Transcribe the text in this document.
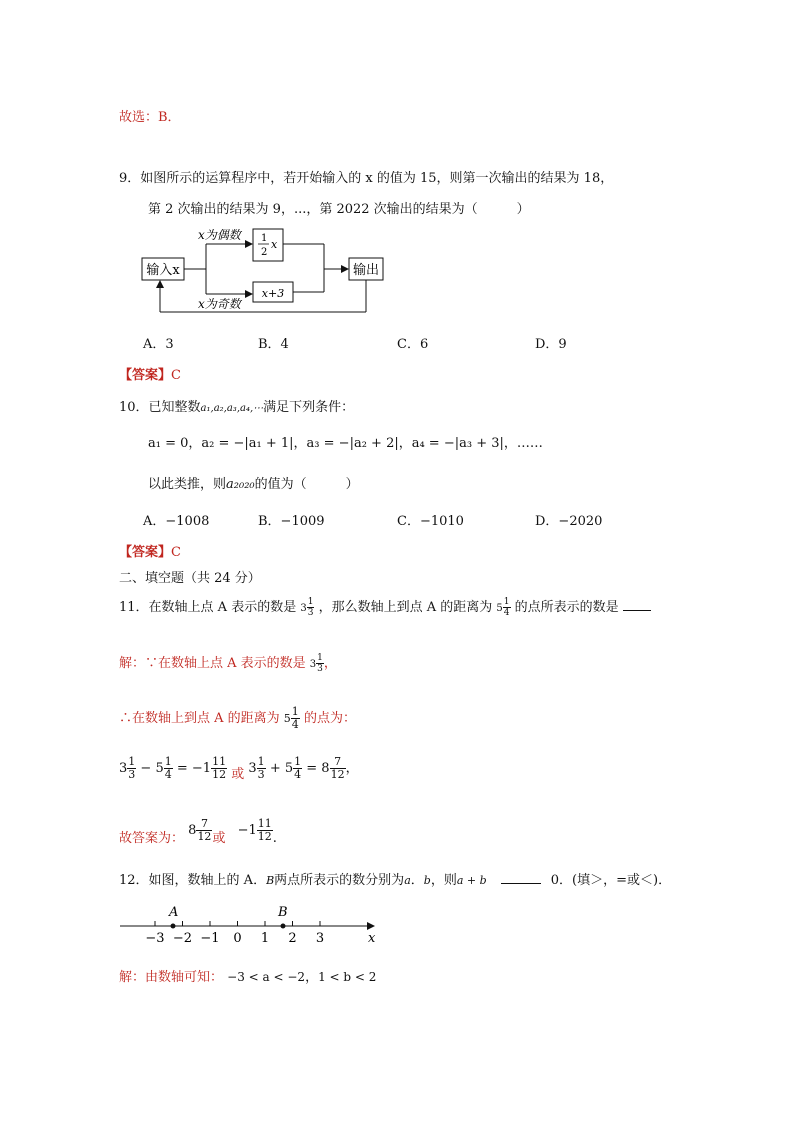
故选：B．
9．如图所示的运算程序中，若开始输入的 x 的值为 15，则第一次输出的结果为 18，
第 2 次输出的结果为 9，...，第 2022 次输出的结果为（　　　）
输入x
x为偶数 1
2
x
x+3
输出
x为奇数
A．3	B．4	C．6	D．9
【答案】C
10．已知整数a₁,a₂,a₃,a₄,⋯满足下列条件：
a₁ = 0，a₂ = −|a₁ + 1|，a₃ = −|a₂ + 2|，a₄ = −|a₃ + 3|，……
以此类推，则a₂₀₂₀的值为（　　　）
A．−1008	B．−1009	C．−1010	D．−2020
【答案】C
二、填空题（共 24 分）
11．在数轴上点 A 表示的数是 $3 \frac{1}{3}$ ，那么数轴上到点 A 的距离为 $5 \frac{1}{4}$ 的点所表示的数是
解：∵在数轴上点 A 表示的数是 $3 \frac{1}{3}$ ，
∴在数轴上到点 A 的距离为 $5 \frac{1}{4}$ 的点为：
$3 \frac{1}{3} - 5 \frac{1}{4} = -1 \frac{11}{12}$ 或 $3 \frac{1}{3} + 5 \frac{1}{4} = 8 \frac{7}{12}$ ，
故答案为： $8 \frac{7}{12}$ 或 $-1 \frac{11}{12}$ .
12．如图，数轴上的 A．B两点所表示的数分别为a．b，则a + b	0．(填＞，=或＜)．
−3 −2 −1 0 1 2 3
A	B
x
解：由数轴可知： −3 < a < −2，1 < b < 2
